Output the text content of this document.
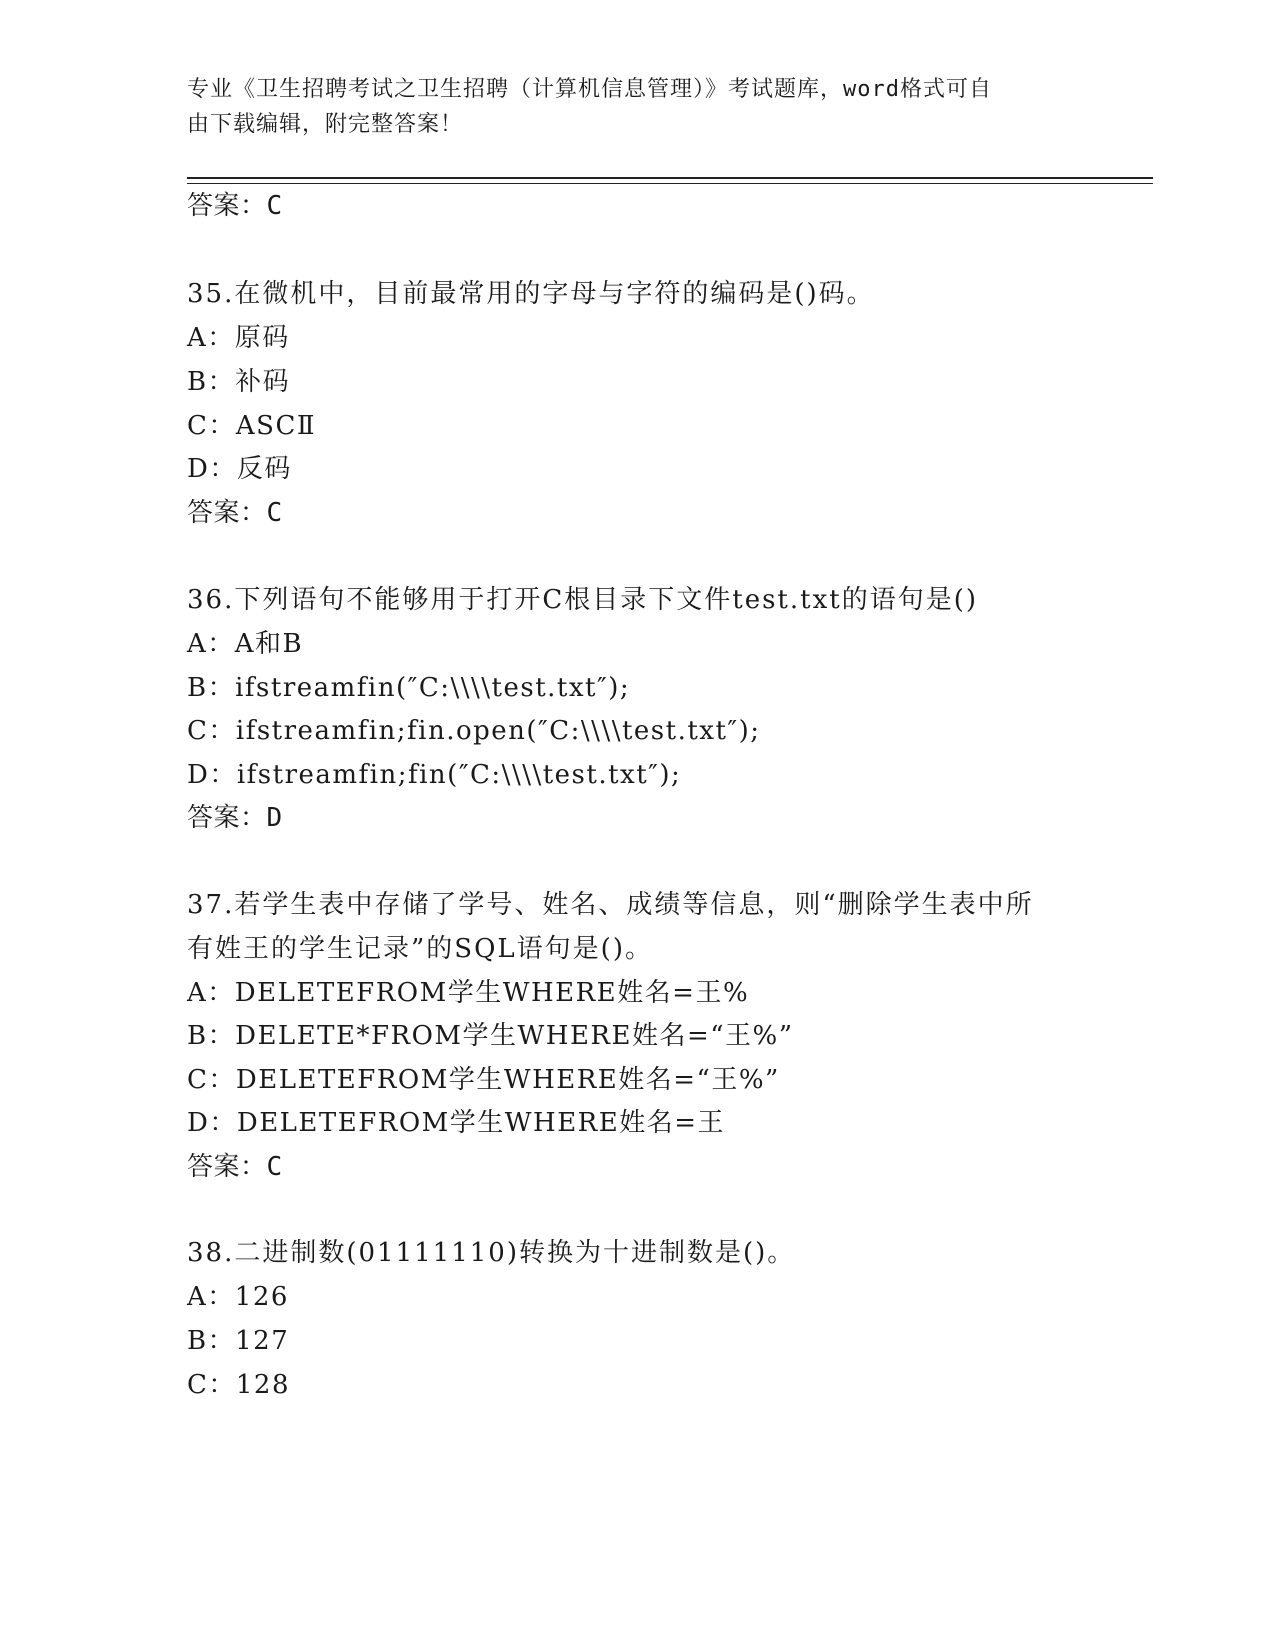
专业《卫生招聘考试之卫生招聘（计算机信息管理）》考试题库，word格式可自
由下载编辑，附完整答案！
答案：C
35.在微机中，目前最常用的字母与字符的编码是()码。
A：原码
B：补码
C：ASCⅡ
D：反码
答案：C
36.下列语句不能够用于打开C根目录下文件test.txt的语句是()
A：A和B
B：ifstreamfin(″C:\\\\test.txt″);
C：ifstreamfin;fin.open(″C:\\\\test.txt″);
D：ifstreamfin;fin(″C:\\\\test.txt″);
答案：D
37.若学生表中存储了学号、姓名、成绩等信息，则“删除学生表中所
有姓王的学生记录”的SQL语句是()。
A：DELETEFROM学生WHERE姓名=王%
B：DELETE*FROM学生WHERE姓名=“王%”
C：DELETEFROM学生WHERE姓名=“王%”
D：DELETEFROM学生WHERE姓名=王
答案：C
38.二进制数(01111110)转换为十进制数是()。
A：126
B：127
C：128
